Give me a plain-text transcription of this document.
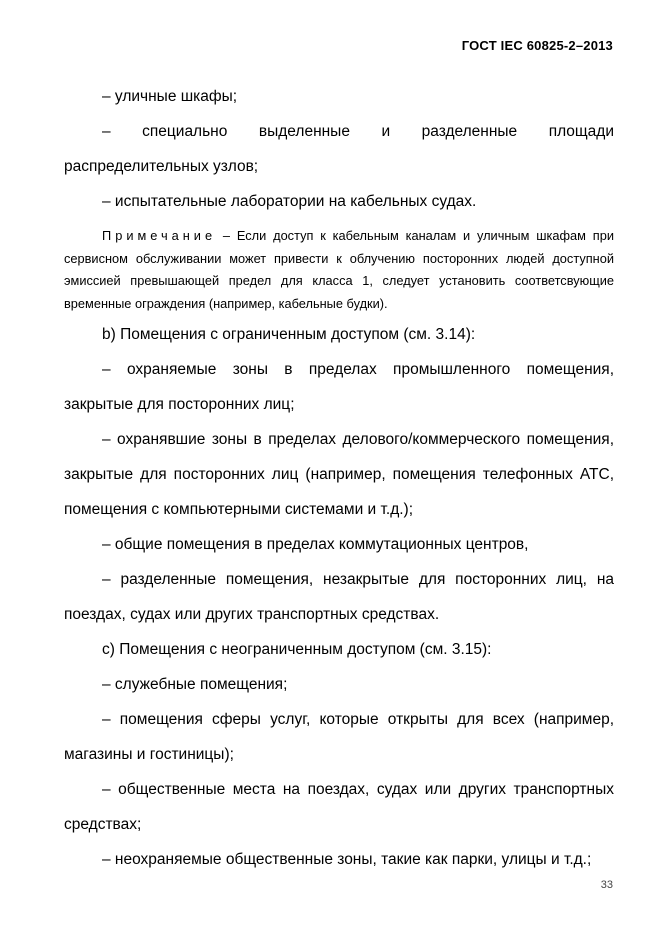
ГОСТ IEC 60825-2–2013

– уличные шкафы;

– специально выделенные и разделенные площади распределительных узлов;

– испытательные лаборатории на кабельных судах.

Примечание – Если доступ к кабельным каналам и уличным шкафам при сервисном обслуживании может привести к облучению посторонних людей доступной эмиссией превышающей предел для класса 1, следует установить соответсвующие временные ограждения (например, кабельные будки).

b) Помещения с ограниченным доступом (см. 3.14):

– охраняемые зоны в пределах промышленного помещения, закрытые для посторонних лиц;

– охранявшие зоны в пределах делового/коммерческого помещения, закрытые для посторонних лиц (например, помещения телефонных АТС, помещения с компьютерными системами и т.д.);

– общие помещения в пределах коммутационных центров,

– разделенные помещения, незакрытые для посторонних лиц, на поездах, судах или других транспортных средствах.

c) Помещения с неограниченным доступом (см. 3.15):

– служебные помещения;

– помещения сферы услуг, которые открыты для всех (например, магазины и гостиницы);

– общественные места на поездах, судах или других транспортных средствах;

– неохраняемые общественные зоны, такие как парки, улицы и т.д.;

33
